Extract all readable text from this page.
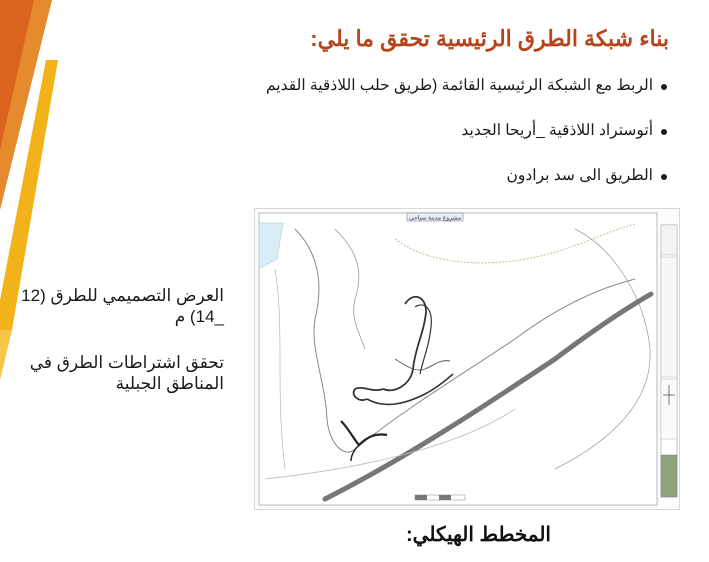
بناء شبكة الطرق الرئيسية تحقق ما يلي:
الربط مع الشبكة الرئيسية القائمة (طريق حلب اللاذقية القديم
أتوستراد اللاذقية _أريحا الجديد
الطريق الى سد برادون

العرض التصميمي للطرق (12 _14) م

تحقق اشتراطات الطرق في المناطق الجبلية

مشروع مدينة سياحي
المخطط الهيكلي:
